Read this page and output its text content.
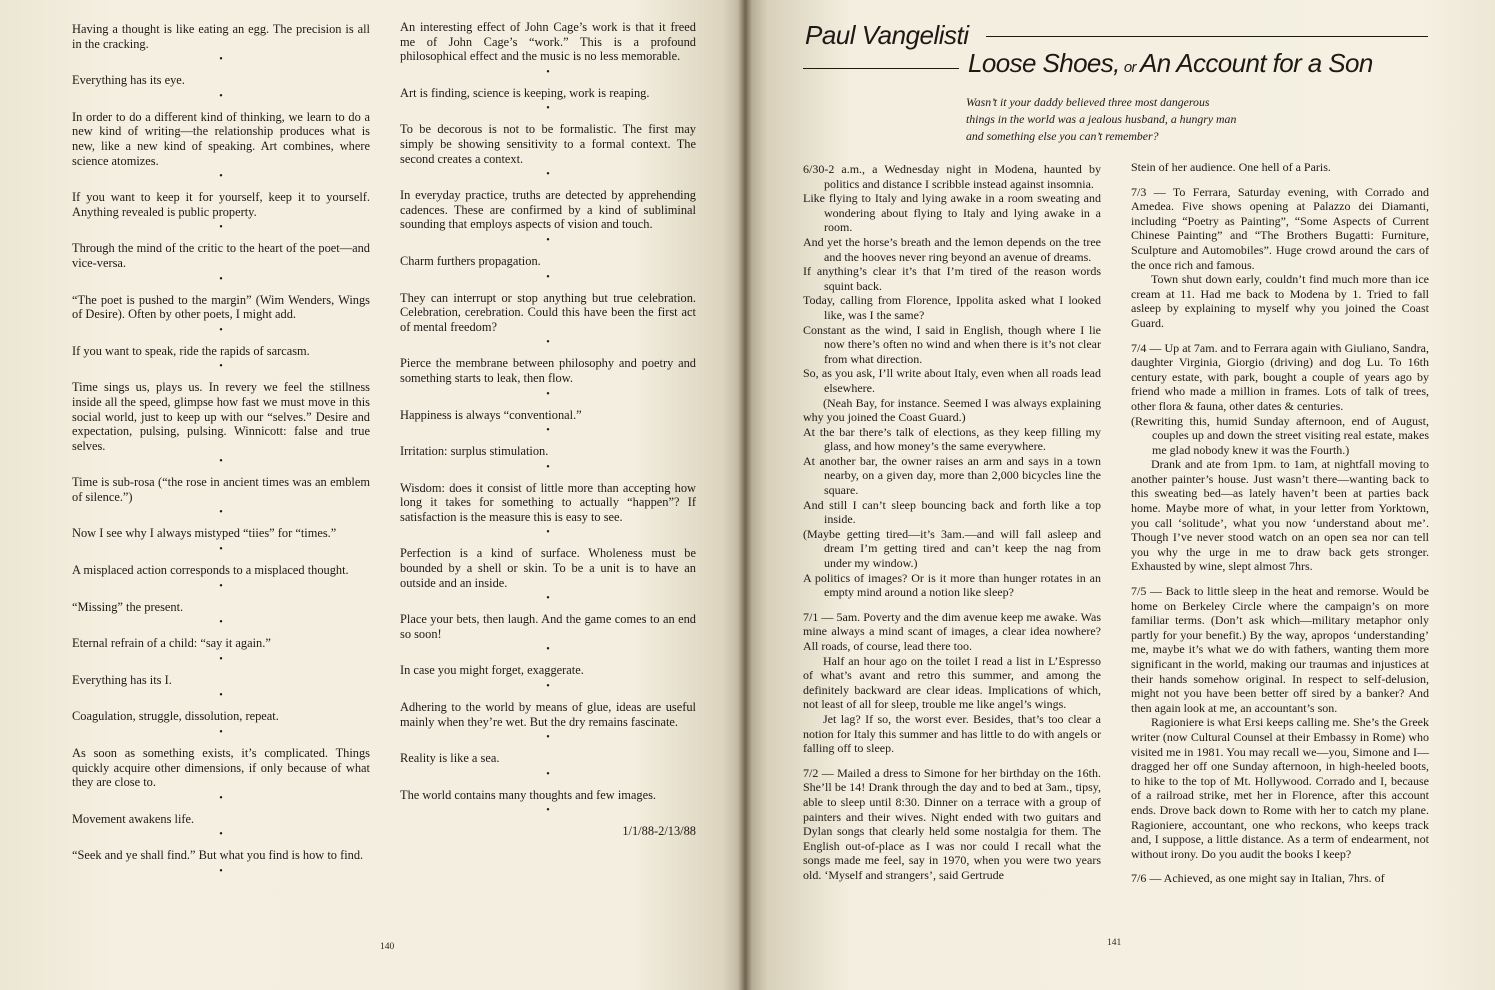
Having a thought is like eating an egg. The precision is all in the cracking.
•
Everything has its eye.
•
In order to do a different kind of thinking, we learn to do a new kind of writing—the relationship produces what is new, like a new kind of speaking. Art combines, where science atomizes.
•
If you want to keep it for yourself, keep it to yourself. Anything revealed is public property.
•
Through the mind of the critic to the heart of the poet—and vice-versa.
•
“The poet is pushed to the margin” (Wim Wenders, Wings of Desire). Often by other poets, I might add.
•
If you want to speak, ride the rapids of sarcasm.
•
Time sings us, plays us. In revery we feel the stillness inside all the speed, glimpse how fast we must move in this social world, just to keep up with our “selves.” Desire and expectation, pulsing, pulsing. Winnicott: false and true selves.
•
Time is sub-rosa (“the rose in ancient times was an emblem of silence.”)
•
Now I see why I always mistyped “tiies” for “times.”
•
A misplaced action corresponds to a misplaced thought.
•
“Missing” the present.
•
Eternal refrain of a child: “say it again.”
•
Everything has its I.
•
Coagulation, struggle, dissolution, repeat.
•
As soon as something exists, it’s complicated. Things quickly acquire other dimensions, if only because of what they are close to.
•
Movement awakens life.
•
“Seek and ye shall find.” But what you find is how to find.
•
An interesting effect of John Cage’s work is that it freed me of John Cage’s “work.” This is a profound philosophical effect and the music is no less memorable.
•
Art is finding, science is keeping, work is reaping.
•
To be decorous is not to be formalistic. The first may simply be showing sensitivity to a formal context. The second creates a context.
•
In everyday practice, truths are detected by apprehending cadences. These are confirmed by a kind of subliminal sounding that employs aspects of vision and touch.
•
Charm furthers propagation.
•
They can interrupt or stop anything but true celebration. Celebration, cerebration. Could this have been the first act of mental freedom?
•
Pierce the membrane between philosophy and poetry and something starts to leak, then flow.
•
Happiness is always “conventional.”
•
Irritation: surplus stimulation.
•
Wisdom: does it consist of little more than accepting how long it takes for something to actually “happen”? If satisfaction is the measure this is easy to see.
•
Perfection is a kind of surface. Wholeness must be bounded by a shell or skin. To be a unit is to have an outside and an inside.
•
Place your bets, then laugh. And the game comes to an end so soon!
•
In case you might forget, exaggerate.
•
Adhering to the world by means of glue, ideas are useful mainly when they’re wet. But the dry remains fascinate.
•
Reality is like a sea.
•
The world contains many thoughts and few images.
•
1/1/88-2/13/88
140
Paul Vangelisti
Loose Shoes, or An Account for a Son
Wasn’t it your daddy believed three most dangerous
things in the world was a jealous husband, a hungry man
and something else you can’t remember?
6/30-2 a.m., a Wednesday night in Modena, haunted by politics and distance I scribble instead against insomnia.
Like flying to Italy and lying awake in a room sweating and wondering about flying to Italy and lying awake in a room.
And yet the horse’s breath and the lemon depends on the tree and the hooves never ring beyond an avenue of dreams.
If anything’s clear it’s that I’m tired of the reason words squint back.
Today, calling from Florence, Ippolita asked what I looked like, was I the same?
Constant as the wind, I said in English, though where I lie now there’s often no wind and when there is it’s not clear from what direction.
So, as you ask, I’ll write about Italy, even when all roads lead elsewhere.
(Neah Bay, for instance. Seemed I was always explaining why you joined the Coast Guard.)
At the bar there’s talk of elections, as they keep filling my glass, and how money’s the same everywhere.
At another bar, the owner raises an arm and says in a town nearby, on a given day, more than 2,000 bicycles line the square.
And still I can’t sleep bouncing back and forth like a top inside.
(Maybe getting tired—it’s 3am.—and will fall asleep and dream I’m getting tired and can’t keep the nag from under my window.)
A politics of images? Or is it more than hunger rotates in an empty mind around a notion like sleep?
7/1 — 5am. Poverty and the dim avenue keep me awake. Was mine always a mind scant of images, a clear idea nowhere? All roads, of course, lead there too.
Half an hour ago on the toilet I read a list in L’Espresso of what’s avant and retro this summer, and among the definitely backward are clear ideas. Implications of which, not least of all for sleep, trouble me like angel’s wings.
Jet lag? If so, the worst ever. Besides, that’s too clear a notion for Italy this summer and has little to do with angels or falling off to sleep.
7/2 — Mailed a dress to Simone for her birthday on the 16th. She’ll be 14! Drank through the day and to bed at 3am., tipsy, able to sleep until 8:30. Dinner on a terrace with a group of painters and their wives. Night ended with two guitars and Dylan songs that clearly held some nostalgia for them. The English out-of-place as I was nor could I recall what the songs made me feel, say in 1970, when you were two years old. ‘Myself and strangers’, said Gertrude
Stein of her audience. One hell of a Paris.
7/3 — To Ferrara, Saturday evening, with Corrado and Amedea. Five shows opening at Palazzo dei Diamanti, including “Poetry as Painting”, “Some Aspects of Current Chinese Painting” and “The Brothers Bugatti: Furniture, Sculpture and Automobiles”. Huge crowd around the cars of the once rich and famous.
Town shut down early, couldn’t find much more than ice cream at 11. Had me back to Modena by 1. Tried to fall asleep by explaining to myself why you joined the Coast Guard.
7/4 — Up at 7am. and to Ferrara again with Giuliano, Sandra, daughter Virginia, Giorgio (driving) and dog Lu. To 16th century estate, with park, bought a couple of years ago by friend who made a million in frames. Lots of talk of trees, other flora & fauna, other dates & centuries.
(Rewriting this, humid Sunday afternoon, end of August, couples up and down the street visiting real estate, makes me glad nobody knew it was the Fourth.)
Drank and ate from 1pm. to 1am, at nightfall moving to another painter’s house. Just wasn’t there—wanting back to this sweating bed—as lately haven’t been at parties back home. Maybe more of what, in your letter from Yorktown, you call ‘solitude’, what you now ‘understand about me’. Though I’ve never stood watch on an open sea nor can tell you why the urge in me to draw back gets stronger. Exhausted by wine, slept almost 7hrs.
7/5 — Back to little sleep in the heat and remorse. Would be home on Berkeley Circle where the campaign’s on more familiar terms. (Don’t ask which—military metaphor only partly for your benefit.) By the way, apropos ‘understanding’ me, maybe it’s what we do with fathers, wanting them more significant in the world, making our traumas and injustices at their hands somehow original. In respect to self-delusion, might not you have been better off sired by a banker? And then again look at me, an accountant’s son.
Ragioniere is what Ersi keeps calling me. She’s the Greek writer (now Cultural Counsel at their Embassy in Rome) who visited me in 1981. You may recall we—you, Simone and I—dragged her off one Sunday afternoon, in high-heeled boots, to hike to the top of Mt. Hollywood. Corrado and I, because of a railroad strike, met her in Florence, after this account ends. Drove back down to Rome with her to catch my plane. Ragioniere, accountant, one who reckons, who keeps track and, I suppose, a little distance. As a term of endearment, not without irony. Do you audit the books I keep?
7/6 — Achieved, as one might say in Italian, 7hrs. of
141
